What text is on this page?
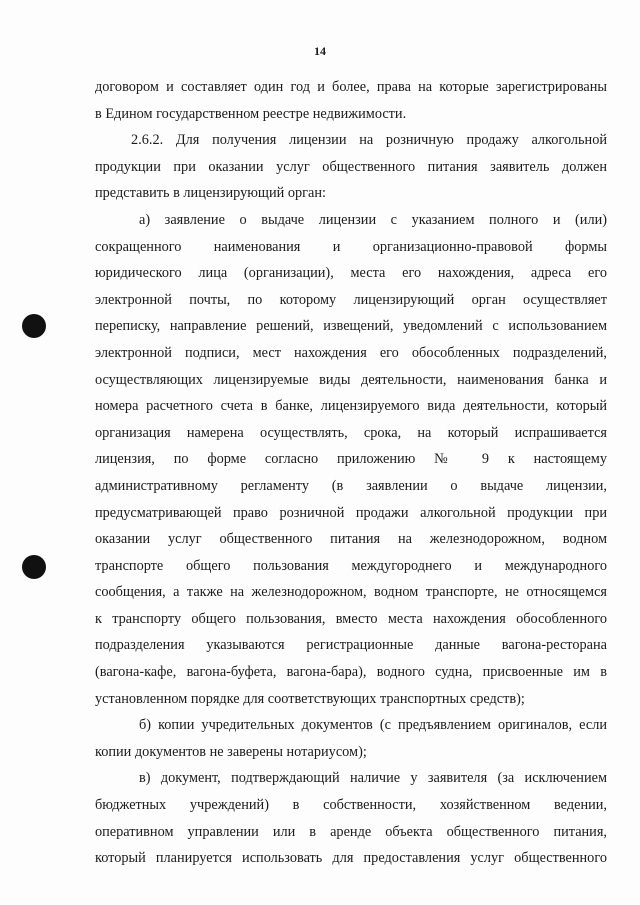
14
договором и составляет один год и более, права на которые зарегистрированы
в Едином государственном реестре недвижимости.
2.6.2. Для получения лицензии на розничную продажу алкогольной
продукции при оказании услуг общественного питания заявитель должен
представить в лицензирующий орган:
а) заявление о выдаче лицензии с указанием полного и (или)
сокращенного наименования и организационно-правовой формы
юридического лица (организации), места его нахождения, адреса его
электронной почты, по которому лицензирующий орган осуществляет
переписку, направление решений, извещений, уведомлений с использованием
электронной подписи, мест нахождения его обособленных подразделений,
осуществляющих лицензируемые виды деятельности, наименования банка и
номера расчетного счета в банке, лицензируемого вида деятельности, который
организация намерена осуществлять, срока, на который испрашивается
лицензия, по форме согласно приложению № 9 к настоящему
административному регламенту (в заявлении о выдаче лицензии,
предусматривающей право розничной продажи алкогольной продукции при
оказании услуг общественного питания на железнодорожном, водном
транспорте общего пользования междугороднего и международного
сообщения, а также на железнодорожном, водном транспорте, не относящемся
к транспорту общего пользования, вместо места нахождения обособленного
подразделения указываются регистрационные данные вагона-ресторана
(вагона-кафе, вагона-буфета, вагона-бара), водного судна, присвоенные им в
установленном порядке для соответствующих транспортных средств);
б) копии учредительных документов (с предъявлением оригиналов, если
копии документов не заверены нотариусом);
в) документ, подтверждающий наличие у заявителя (за исключением
бюджетных учреждений) в собственности, хозяйственном ведении,
оперативном управлении или в аренде объекта общественного питания,
который планируется использовать для предоставления услуг общественного
